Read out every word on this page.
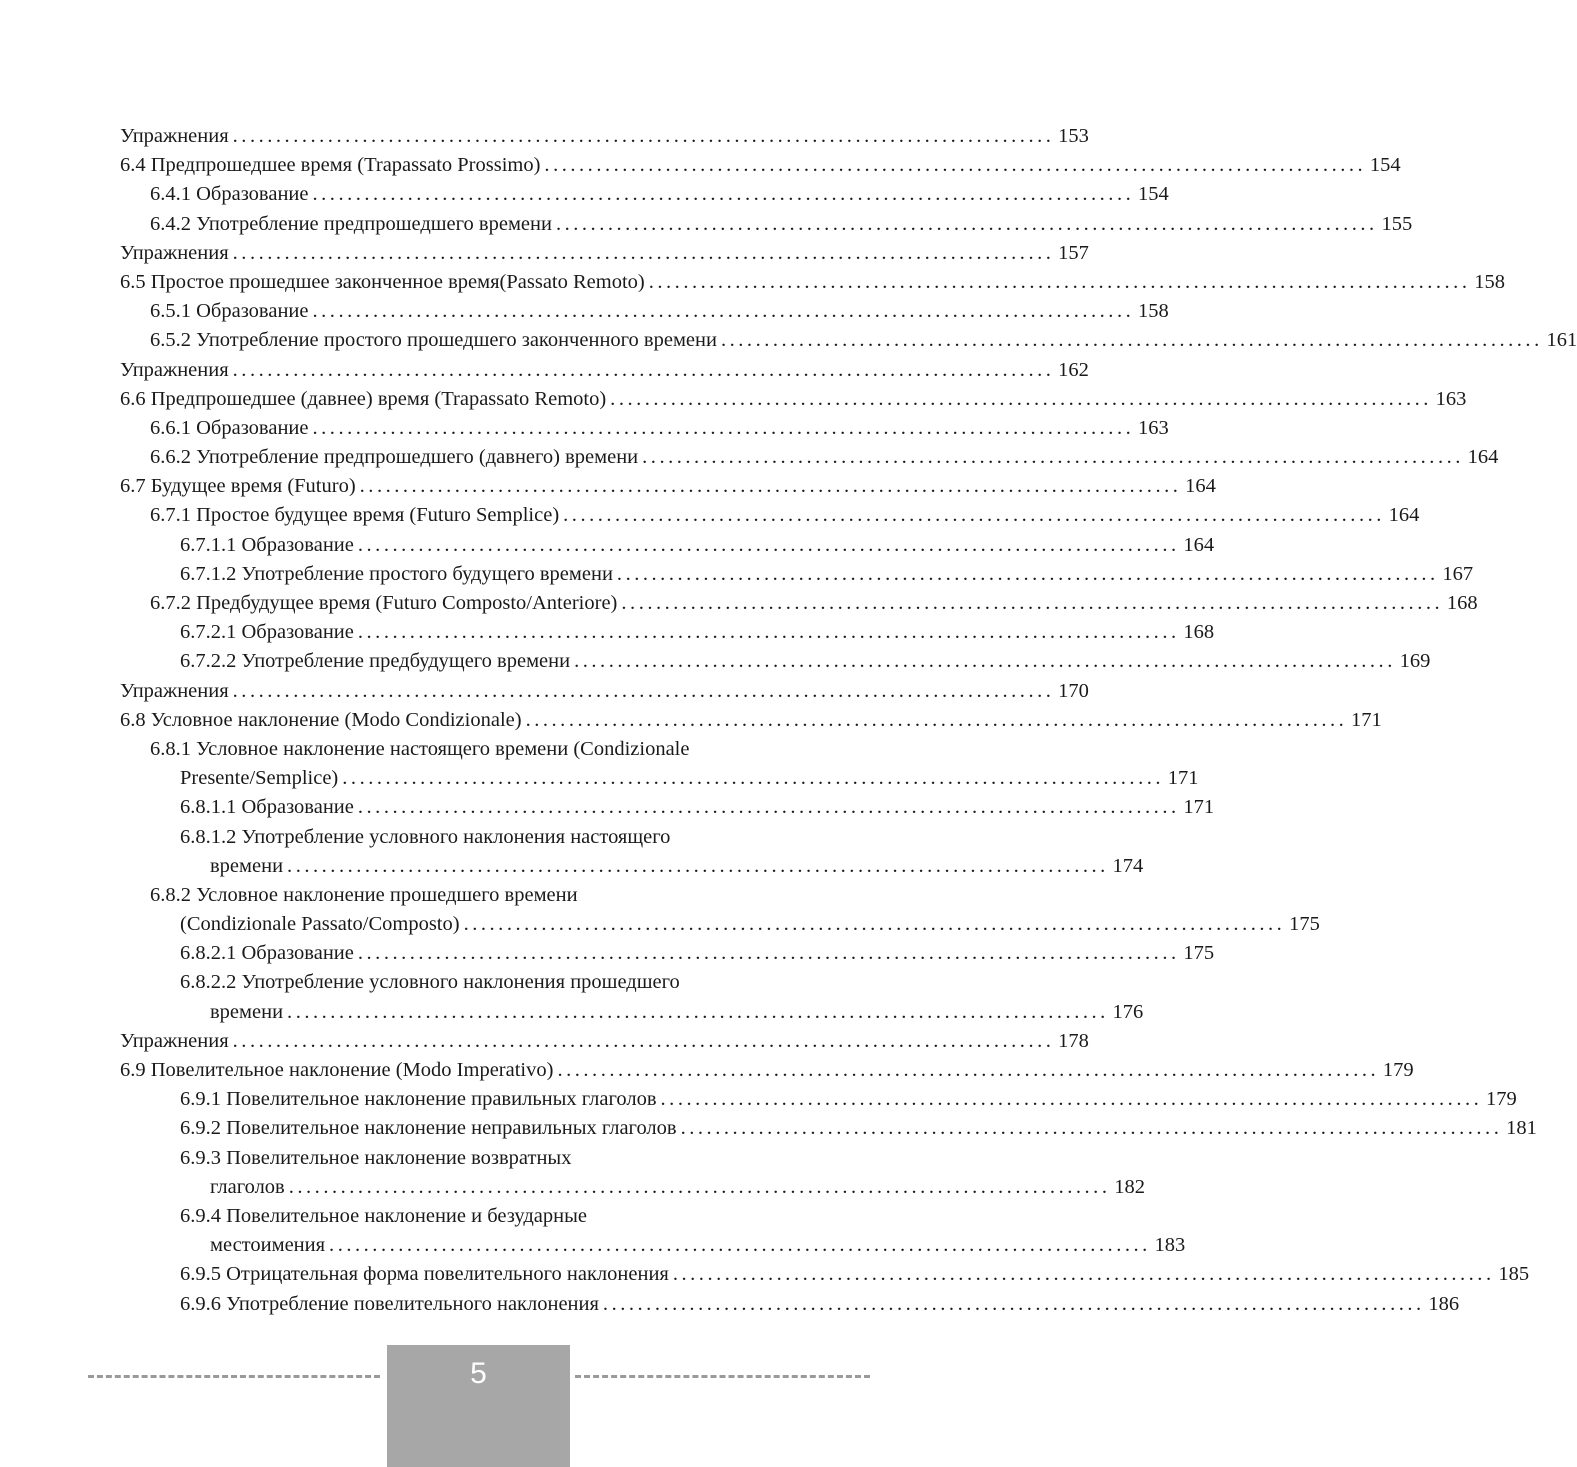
Упражнения . . .	153
6.4 Предпрошедшее время (Trapassato Prossimo) . . .	154
6.4.1 Образование . . .	154
6.4.2 Употребление предпрошедшего времени . . .	155
Упражнения . . .	157
6.5 Простое прошедшее законченное время(Passato Remoto) . . .	158
6.5.1 Образование . . .	158
6.5.2 Употребление простого прошедшего законченного времени . . .	161
Упражнения . . .	162
6.6 Предпрошедшее (давнее) время (Trapassato Remoto) . . .	163
6.6.1 Образование . . .	163
6.6.2 Употребление предпрошедшего (давнего) времени . . .	164
6.7 Будущее время (Futuro) . . .	164
6.7.1 Простое будущее время (Futuro Semplice) . . .	164
6.7.1.1 Образование . . .	164
6.7.1.2 Употребление простого будущего времени . . .	167
6.7.2 Предбудущее время (Futuro Composto/Anteriore) . . .	168
6.7.2.1 Образование . . .	168
6.7.2.2 Употребление предбудущего времени . . .	169
Упражнения . . .	170
6.8 Условное наклонение (Modo Condizionale) . . .	171
6.8.1 Условное наклонение настоящего времени (Condizionale
Presente/Semplice) . . .	171
6.8.1.1 Образование . . .	171
6.8.1.2 Употребление условного наклонения настоящего
времени . . .	174
6.8.2 Условное наклонение прошедшего времени
(Condizionale Passato/Composto) . . .	175
6.8.2.1 Образование . . .	175
6.8.2.2 Употребление условного наклонения прошедшего
времени . . .	176
Упражнения . . .	178
6.9 Повелительное наклонение (Modo Imperativo) . . .	179
6.9.1 Повелительное наклонение правильных глаголов . . .	179
6.9.2 Повелительное наклонение неправильных глаголов . . .	181
6.9.3 Повелительное наклонение возвратных
глаголов . . .	182
6.9.4 Повелительное наклонение и безударные
местоимения . . .	183
6.9.5 Отрицательная форма повелительного наклонения . . .	185
6.9.6 Употребление повелительного наклонения . . .	186
5
